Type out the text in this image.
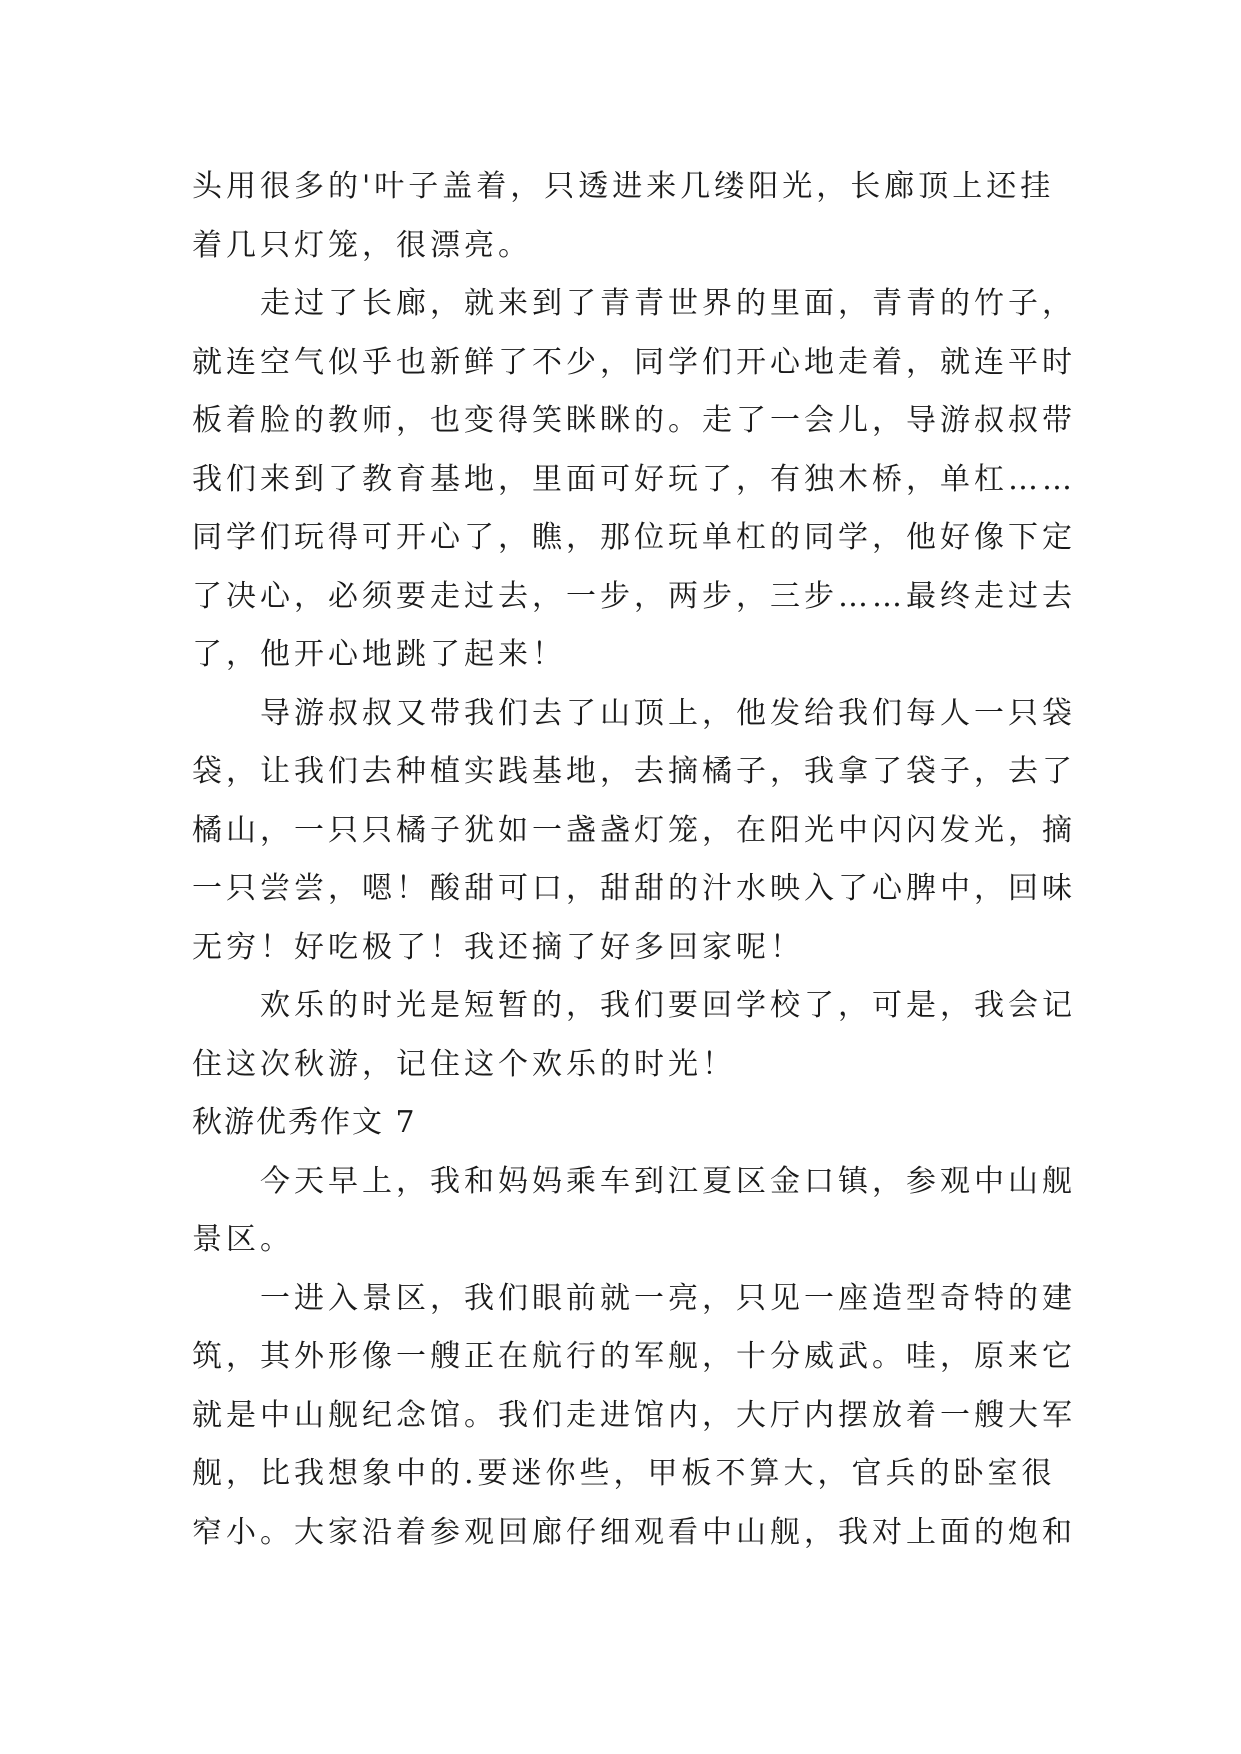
头用很多的'叶子盖着，只透进来几缕阳光，长廊顶上还挂
着几只灯笼，很漂亮。
走过了长廊，就来到了青青世界的里面，青青的竹子，
就连空气似乎也新鲜了不少，同学们开心地走着，就连平时
板着脸的教师，也变得笑眯眯的。走了一会儿，导游叔叔带
我们来到了教育基地，里面可好玩了，有独木桥，单杠……
同学们玩得可开心了，瞧，那位玩单杠的同学，他好像下定
了决心，必须要走过去，一步，两步，三步……最终走过去
了，他开心地跳了起来！
导游叔叔又带我们去了山顶上，他发给我们每人一只袋
袋，让我们去种植实践基地，去摘橘子，我拿了袋子，去了
橘山，一只只橘子犹如一盏盏灯笼，在阳光中闪闪发光，摘
一只尝尝，嗯！酸甜可口，甜甜的汁水映入了心脾中，回味
无穷！好吃极了！我还摘了好多回家呢！
欢乐的时光是短暂的，我们要回学校了，可是，我会记
住这次秋游，记住这个欢乐的时光！
秋游优秀作文 7
今天早上，我和妈妈乘车到江夏区金口镇，参观中山舰
景区。
一进入景区，我们眼前就一亮，只见一座造型奇特的建
筑，其外形像一艘正在航行的军舰，十分威武。哇，原来它
就是中山舰纪念馆。我们走进馆内，大厅内摆放着一艘大军
舰，比我想象中的.要迷你些，甲板不算大，官兵的卧室很
窄小。大家沿着参观回廊仔细观看中山舰，我对上面的炮和
